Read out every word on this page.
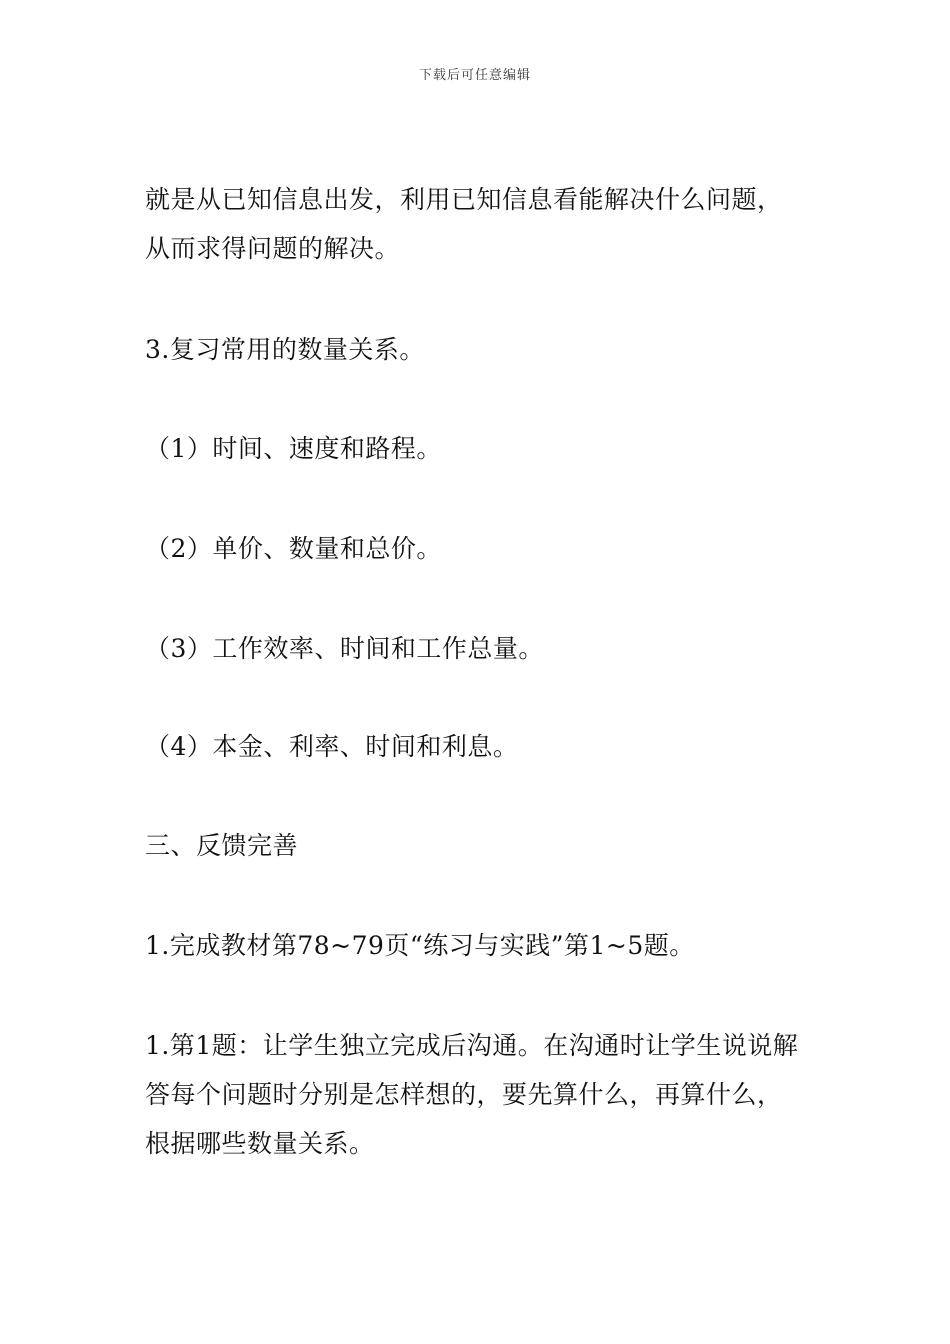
下载后可任意编辑
就是从已知信息出发，利用已知信息看能解决什么问题，
从而求得问题的解决。
3.复习常用的数量关系。
（1）时间、速度和路程。
（2）单价、数量和总价。
（3）工作效率、时间和工作总量。
（4）本金、利率、时间和利息。
三、反馈完善
1.完成教材第78~79页“练习与实践”第1~5题。
1.第1题：让学生独立完成后沟通。在沟通时让学生说说解
答每个问题时分别是怎样想的，要先算什么，再算什么，
根据哪些数量关系。
